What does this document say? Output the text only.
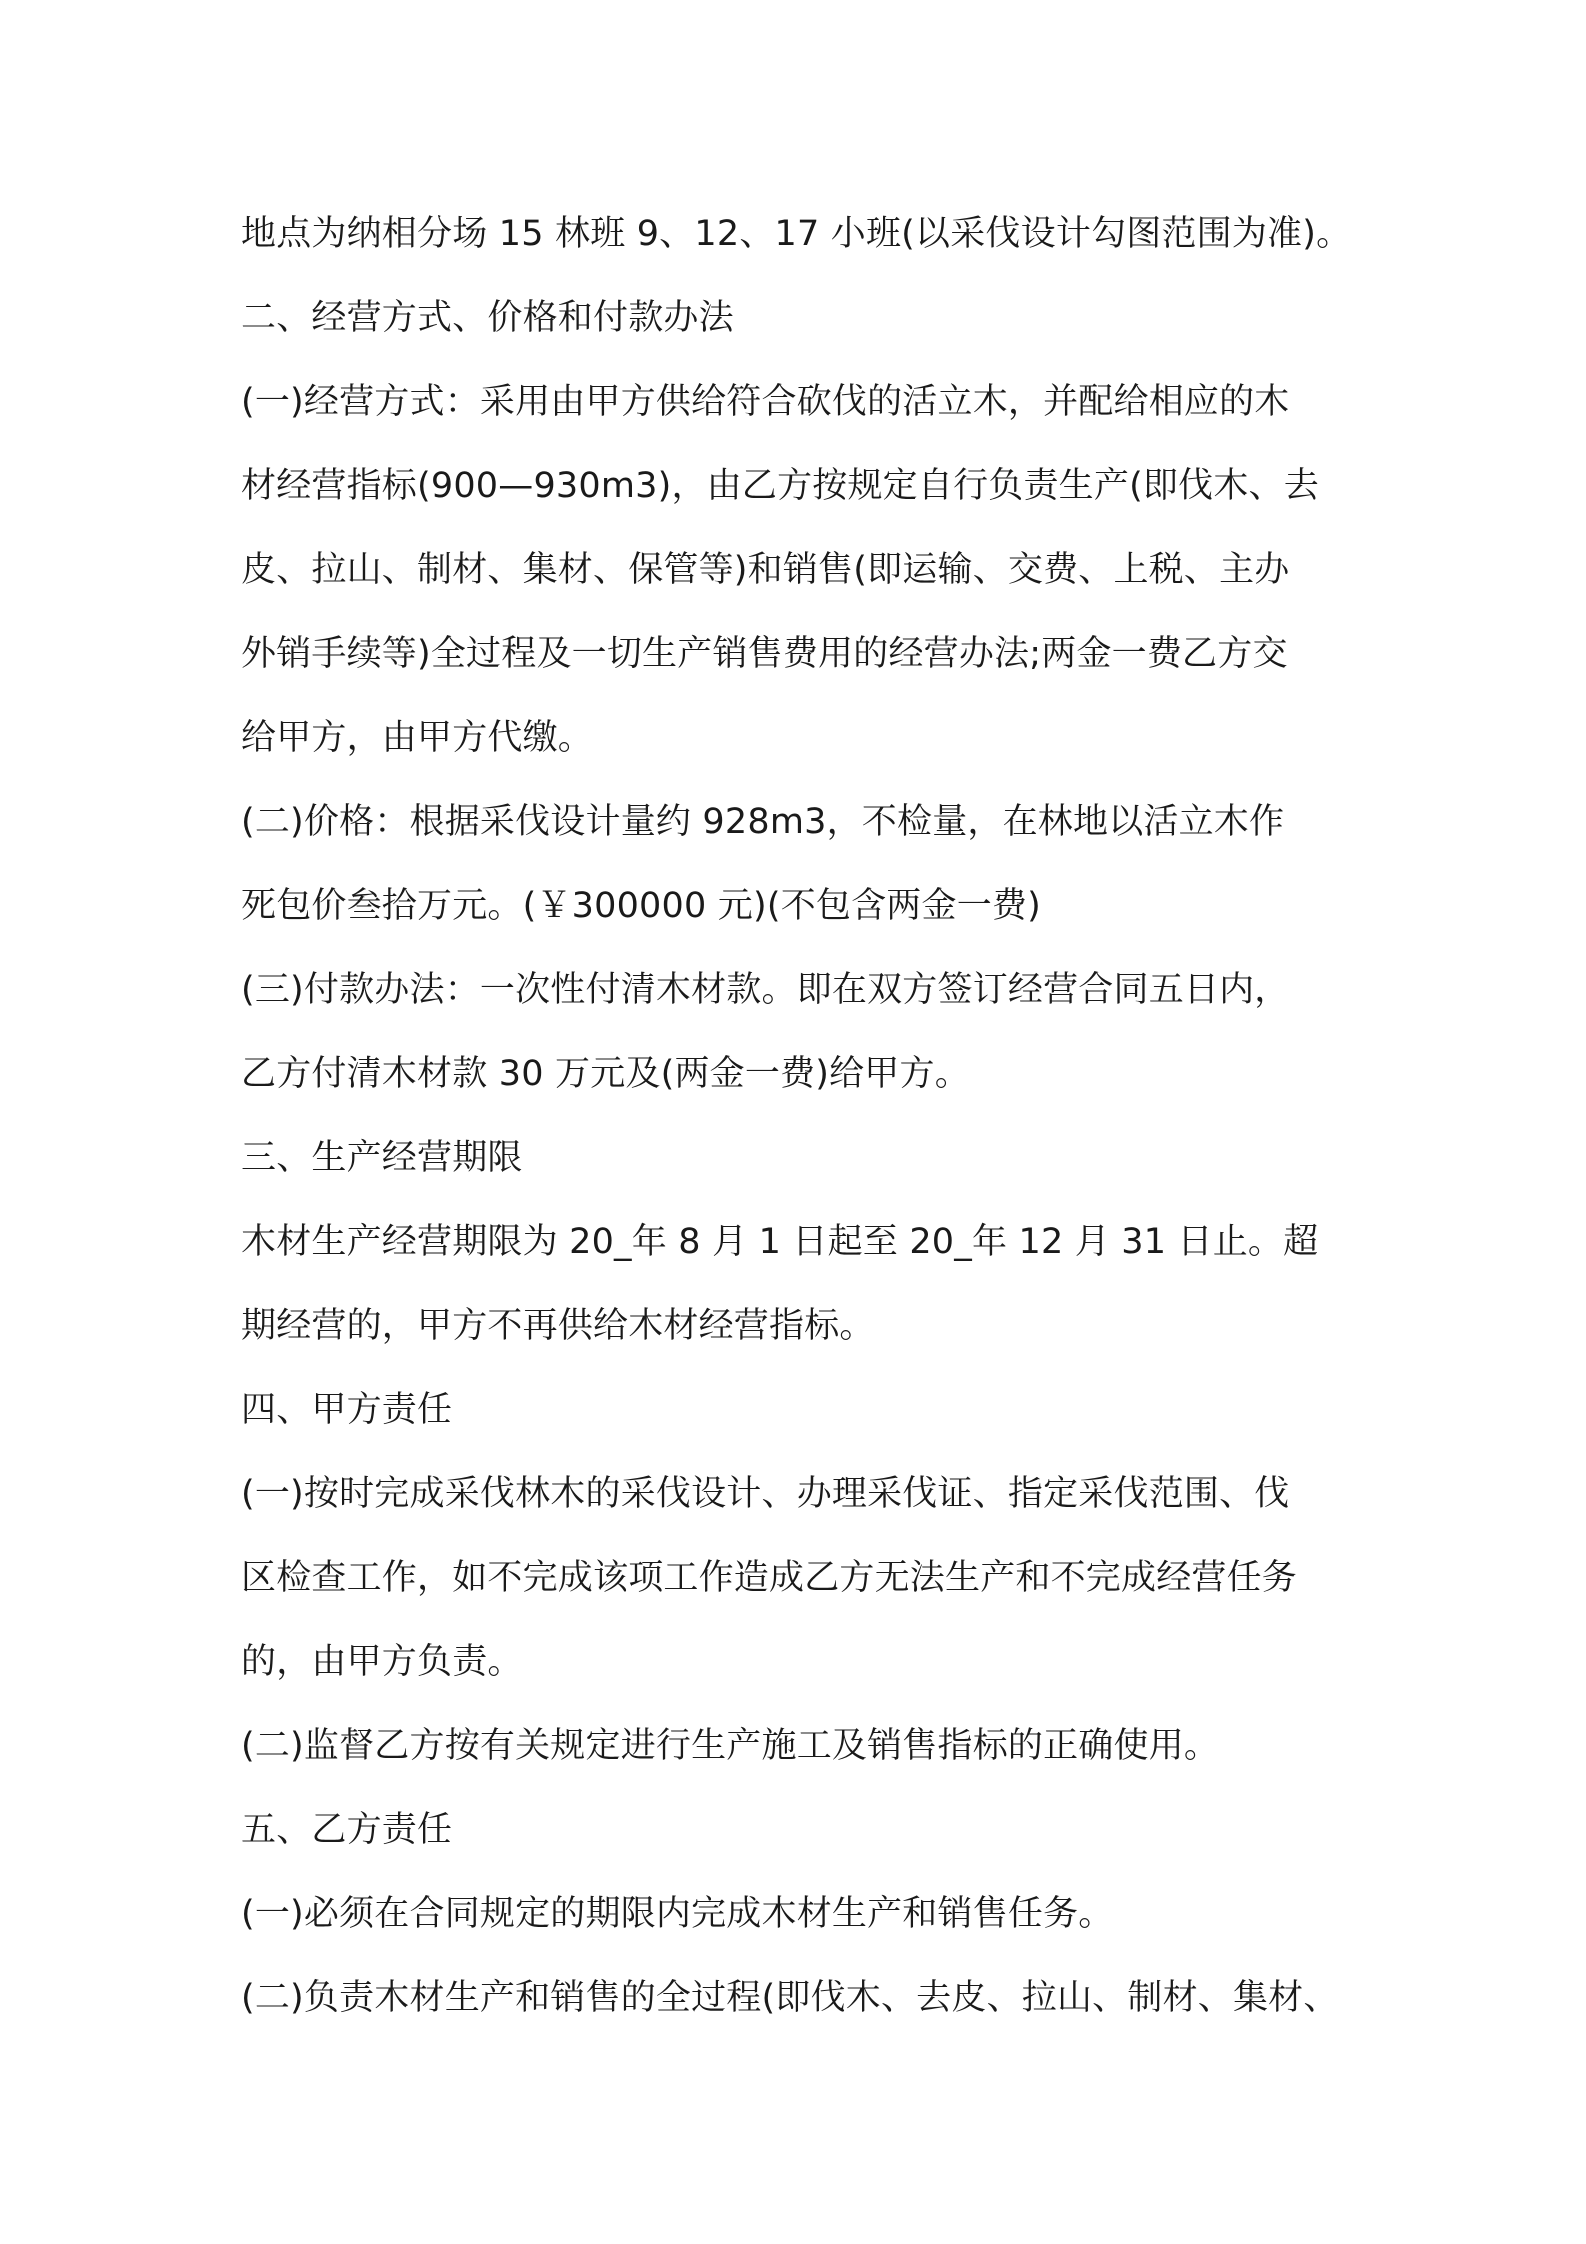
地点为纳相分场 15 林班 9、12、17 小班(以采伐设计勾图范围为准)。
二、经营方式、价格和付款办法
(一)经营方式：采用由甲方供给符合砍伐的活立木，并配给相应的木
材经营指标(900—930m3)，由乙方按规定自行负责生产(即伐木、去
皮、拉山、制材、集材、保管等)和销售(即运输、交费、上税、主办
外销手续等)全过程及一切生产销售费用的经营办法;两金一费乙方交
给甲方，由甲方代缴。
(二)价格：根据采伐设计量约 928m3，不检量，在林地以活立木作
死包价叁拾万元。(￥300000 元)(不包含两金一费)
(三)付款办法：一次性付清木材款。即在双方签订经营合同五日内，
乙方付清木材款 30 万元及(两金一费)给甲方。
三、生产经营期限
木材生产经营期限为 20_年 8 月 1 日起至 20_年 12 月 31 日止。超
期经营的，甲方不再供给木材经营指标。
四、甲方责任
(一)按时完成采伐林木的采伐设计、办理采伐证、指定采伐范围、伐
区检查工作，如不完成该项工作造成乙方无法生产和不完成经营任务
的，由甲方负责。
(二)监督乙方按有关规定进行生产施工及销售指标的正确使用。
五、乙方责任
(一)必须在合同规定的期限内完成木材生产和销售任务。
(二)负责木材生产和销售的全过程(即伐木、去皮、拉山、制材、集材、
